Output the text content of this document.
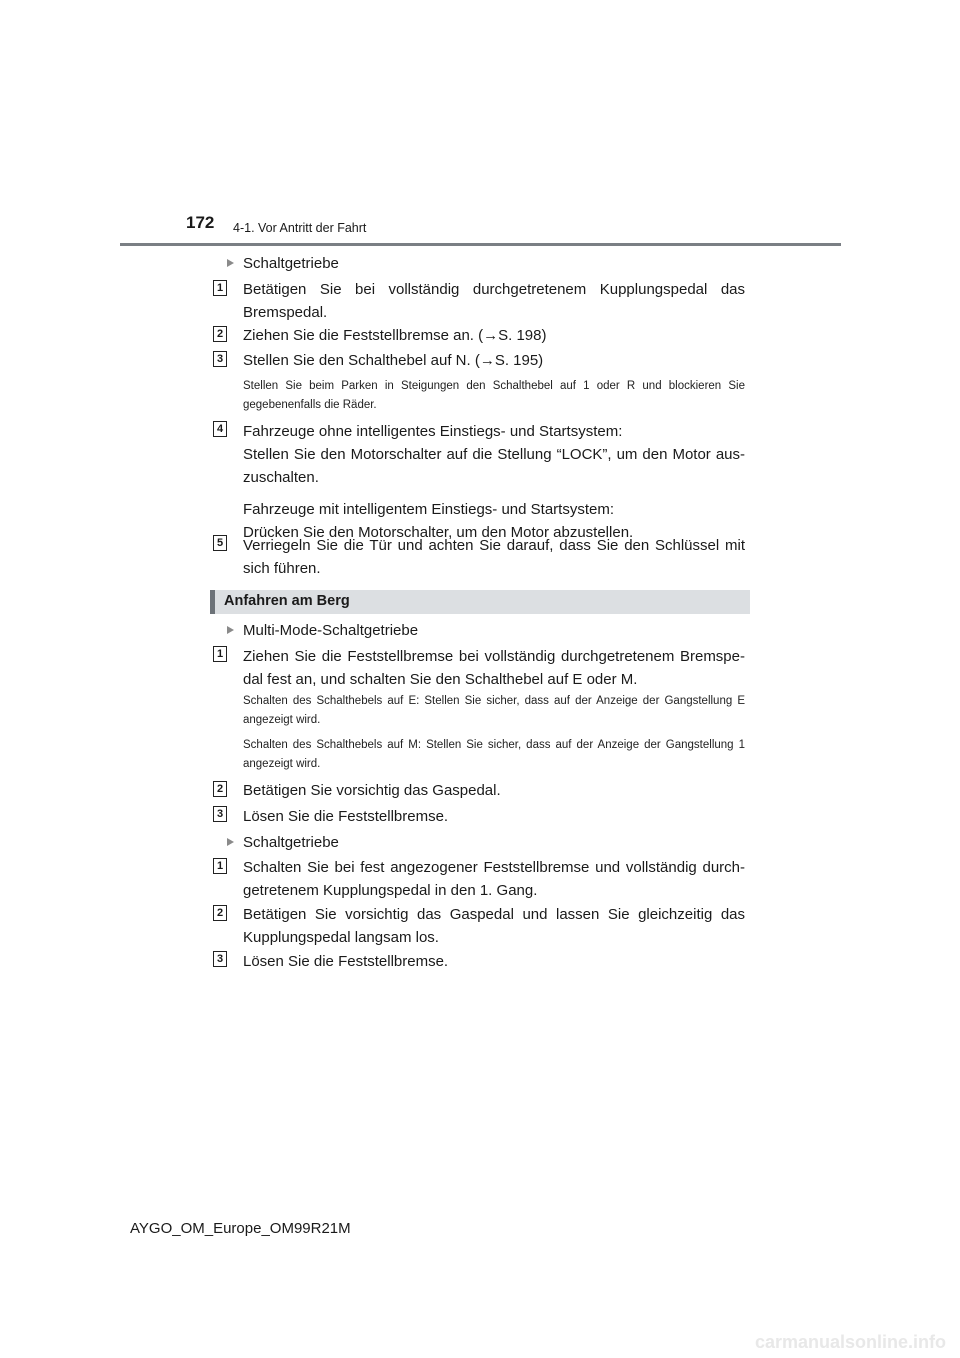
172 4-1. Vor Antritt der Fahrt
Schaltgetriebe
1 Betätigen Sie bei vollständig durchgetretenem Kupplungspedal das Bremspedal.
2 Ziehen Sie die Feststellbremse an. (→S. 198)
3 Stellen Sie den Schalthebel auf N. (→S. 195)
Stellen Sie beim Parken in Steigungen den Schalthebel auf 1 oder R und blockieren Sie gegebenenfalls die Räder.
4 Fahrzeuge ohne intelligentes Einstiegs- und Startsystem:
Stellen Sie den Motorschalter auf die Stellung “LOCK”, um den Motor aus-zuschalten.
Fahrzeuge mit intelligentem Einstiegs- und Startsystem:
Drücken Sie den Motorschalter, um den Motor abzustellen.
5 Verriegeln Sie die Tür und achten Sie darauf, dass Sie den Schlüssel mit sich führen.
Anfahren am Berg
Multi-Mode-Schaltgetriebe
1 Ziehen Sie die Feststellbremse bei vollständig durchgetretenem Bremspe-dal fest an, und schalten Sie den Schalthebel auf E oder M.
Schalten des Schalthebels auf E: Stellen Sie sicher, dass auf der Anzeige der Gangstellung E angezeigt wird.
Schalten des Schalthebels auf M: Stellen Sie sicher, dass auf der Anzeige der Gangstellung 1 angezeigt wird.
2 Betätigen Sie vorsichtig das Gaspedal.
3 Lösen Sie die Feststellbremse.
Schaltgetriebe
1 Schalten Sie bei fest angezogener Feststellbremse und vollständig durch-getretenem Kupplungspedal in den 1. Gang.
2 Betätigen Sie vorsichtig das Gaspedal und lassen Sie gleichzeitig das Kupplungspedal langsam los.
3 Lösen Sie die Feststellbremse.
AYGO_OM_Europe_OM99R21M
carmanualsonline.info
